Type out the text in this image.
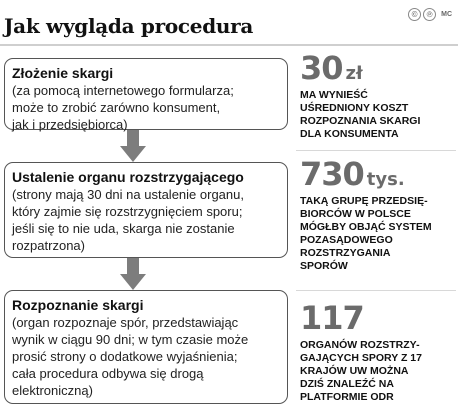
Jak wygląda procedura	©	℗	MC
Złożenie skargi
(za pomocą internetowego formularza;
może to zrobić zarówno konsument,
jak i przedsiębiorca)
Ustalenie organu rozstrzygającego
(strony mają 30 dni na ustalenie organu,
który zajmie się rozstrzygnięciem sporu;
jeśli się to nie uda, skarga nie zostanie
rozpatrzona)
Rozpoznanie skargi
(organ rozpoznaje spór, przedstawiając
wynik w ciągu 90 dni; w tym czasie może
prosić strony o dodatkowe wyjaśnienia;
cała procedura odbywa się drogą
elektroniczną)
30 zł
MA WYNIEŚĆ
UŚREDNIONY KOSZT
ROZPOZNANIA SKARGI
DLA KONSUMENTA
730 tys.
TAKĄ GRUPĘ PRZEDSIĘ-
BIORCÓW W POLSCE
MÓGŁBY OBJĄĆ SYSTEM
POZASĄDOWEGO
ROZSTRZYGANIA
SPORÓW
117
ORGANÓW ROZSTRZY-
GAJĄCYCH SPORY Z 17
KRAJÓW UW MOŻNA
DZIŚ ZNALEŹĆ NA
PLATFORMIE ODR
